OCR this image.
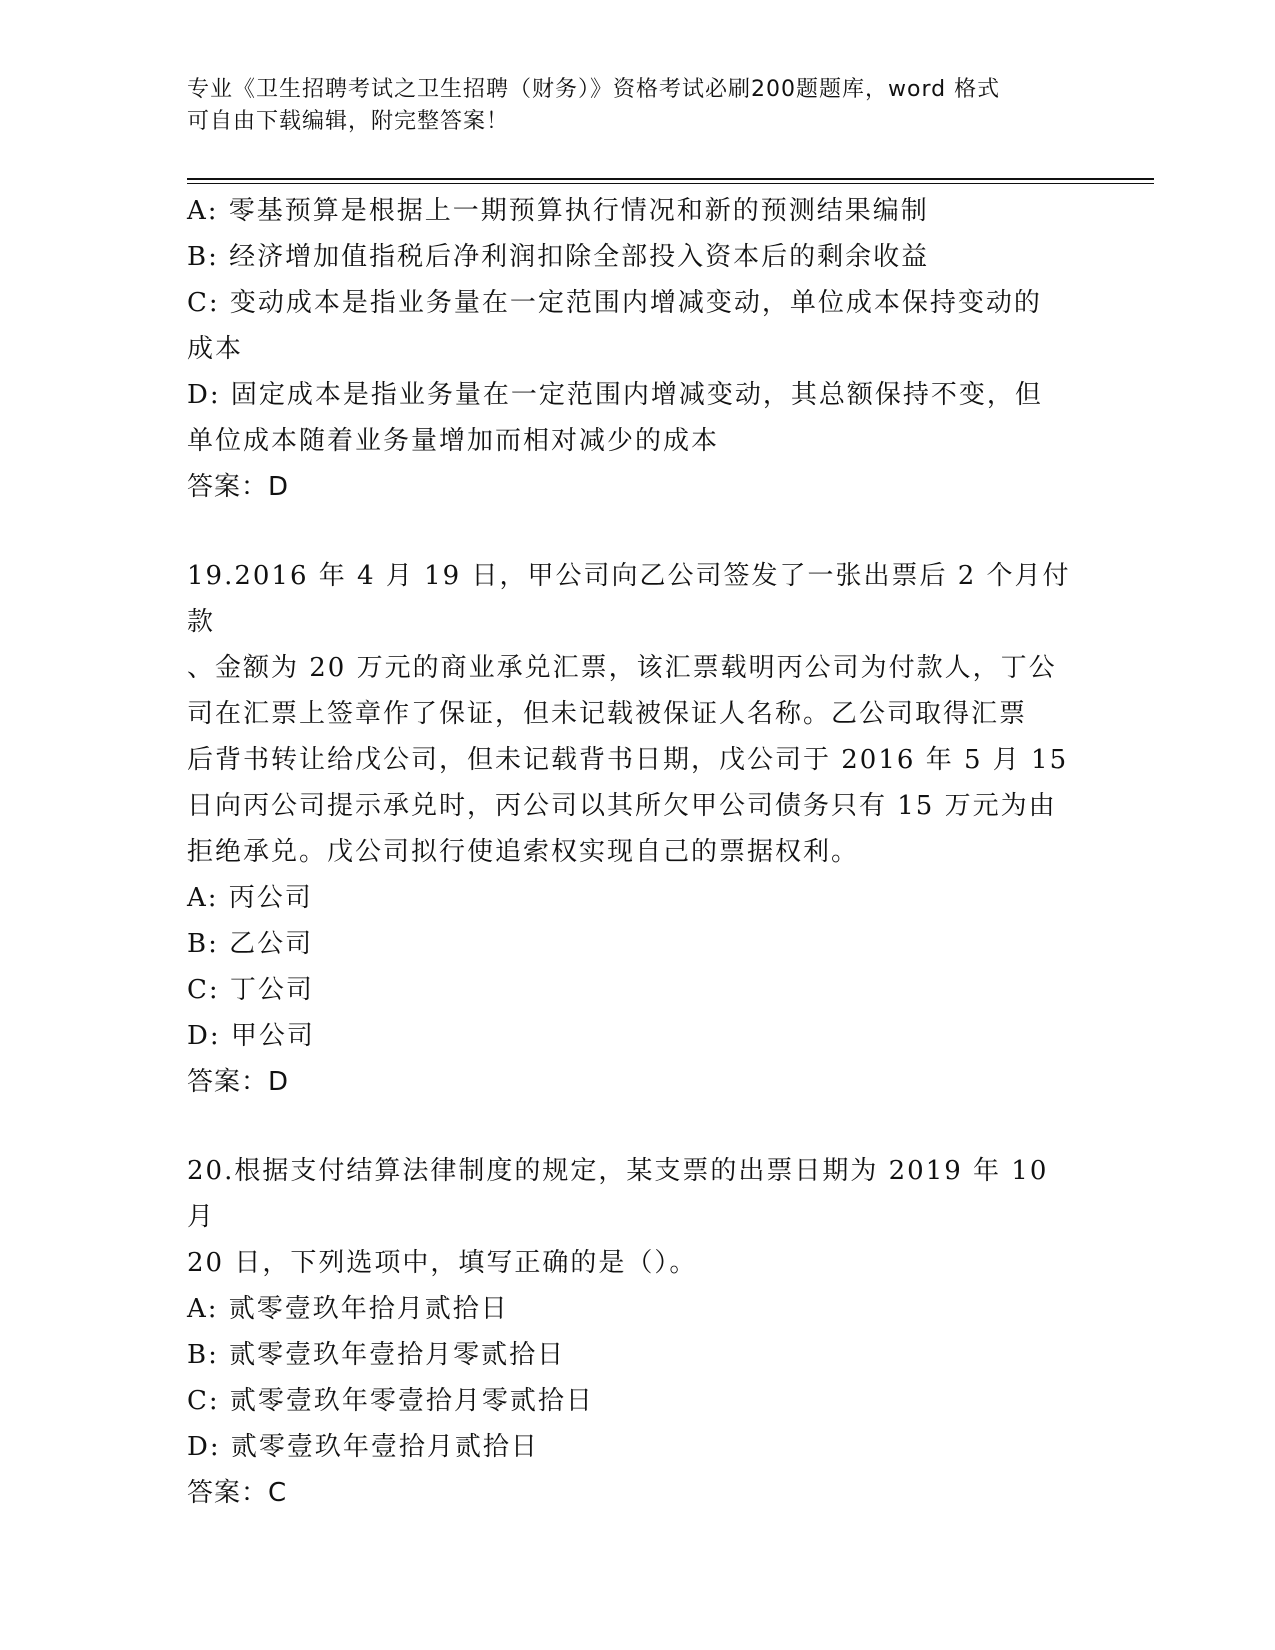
专业《卫生招聘考试之卫生招聘（财务）》资格考试必刷200题题库，word 格式
可自由下载编辑，附完整答案！

A: 零基预算是根据上一期预算执行情况和新的预测结果编制

B: 经济增加值指税后净利润扣除全部投入资本后的剩余收益

C: 变动成本是指业务量在一定范围内增减变动，单位成本保持变动的

成本

D: 固定成本是指业务量在一定范围内增减变动，其总额保持不变，但

单位成本随着业务量增加而相对减少的成本

答案：D

19.2016 年 4 月 19 日，甲公司向乙公司签发了一张出票后 2 个月付款

、金额为 20 万元的商业承兑汇票，该汇票载明丙公司为付款人，丁公

司在汇票上签章作了保证，但未记载被保证人名称。乙公司取得汇票

后背书转让给戊公司，但未记载背书日期，戊公司于 2016 年 5 月 15

日向丙公司提示承兑时，丙公司以其所欠甲公司债务只有 15 万元为由

拒绝承兑。戊公司拟行使追索权实现自己的票据权利。

A: 丙公司

B: 乙公司

C: 丁公司

D: 甲公司

答案：D

20.根据支付结算法律制度的规定，某支票的出票日期为 2019 年 10 月

20 日，下列选项中，填写正确的是（）。

A: 贰零壹玖年拾月贰拾日

B: 贰零壹玖年壹拾月零贰拾日

C: 贰零壹玖年零壹拾月零贰拾日

D: 贰零壹玖年壹拾月贰拾日

答案：C
